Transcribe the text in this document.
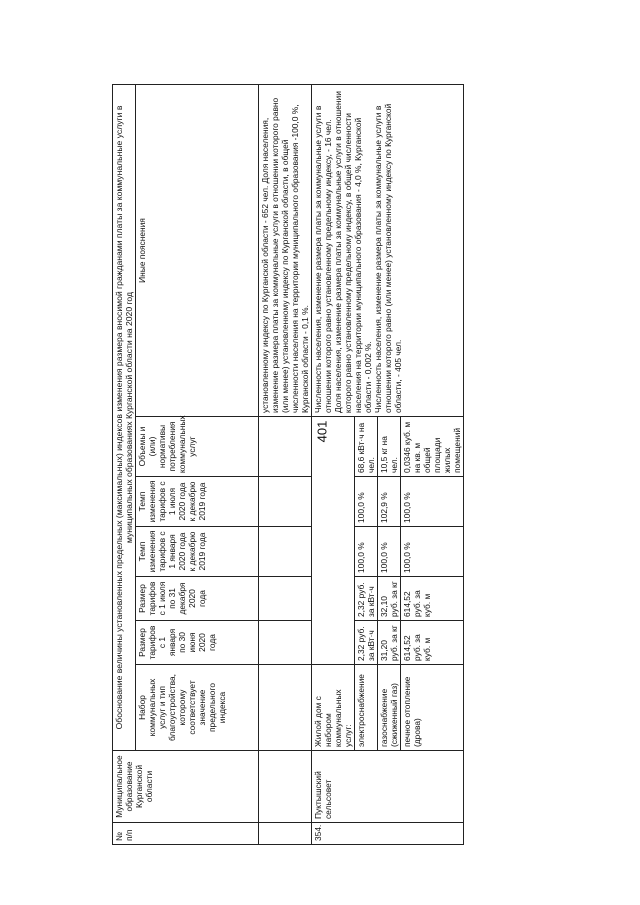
401
№ п/п	Муниципальное образование Курганской области	Обоснование величины установленных предельных (максимальных) индексов изменения размера вносимой гражданами платы за коммунальные услуги в муниципальных образованиях Курганской области на 2020 год						
		Набор коммунальных услуг и тип благоустройства, которому соответствует значение предельного индекса	Размер тарифов с 1 января по 30 июня 2020 года	Размер тарифов с 1 июля по 31 декабря 2020 года	Темп изменения тарифов с 1 января 2020 года к декабрю 2019 года	Темп изменения тарифов с 1 июля 2020 года к декабрю 2019 года	Объемы и (или) нормативы потребления коммунальных услуг	Иные пояснения
								установленному индексу по Курганской области - 652 чел. Доля населения, изменение размера платы за коммунальные услуги в отношении которого равно (или менее) установленному индексу по Курганской области, в общей численности населения на территории муниципального образования -100,0 %, Курганской области - 0,1 %.
354.	Пуктышский сельсовет	Жилой дом с набором коммунальных услуг:						Численность населения, изменение размера платы за коммунальные услуги в отношении которого равно установленному предельному индексу, - 16 чел. Доля населения, изменение размера платы за коммунальные услуги в отношении которого равно установленному предельному индексу, в общей численности населения на территории муниципального образования - 4,0 %, Курганской области - 0,002 %. Численность населения, изменение размера платы за коммунальные услуги в отношении которого равно (или менее) установленному индексу по Курганской области, - 405 чел.

		электроснабжение	2,32 руб. за кВт·ч	2,32 руб. за кВт·ч	100,0 %	100,0 %	68,6 кВт·ч на чел.	
		газоснабжение (сжиженный газ)	31,20 руб. за кг	32,10 руб. за кг	100,0 %	102,9 %	10,5 кг на чел.	
		печное отопление (дрова)	614,52 руб. за куб. м	614,52 руб. за куб. м	100,0 %	100,0 %	0,0346 куб. м на кв. м общей площади жилых помещений	
